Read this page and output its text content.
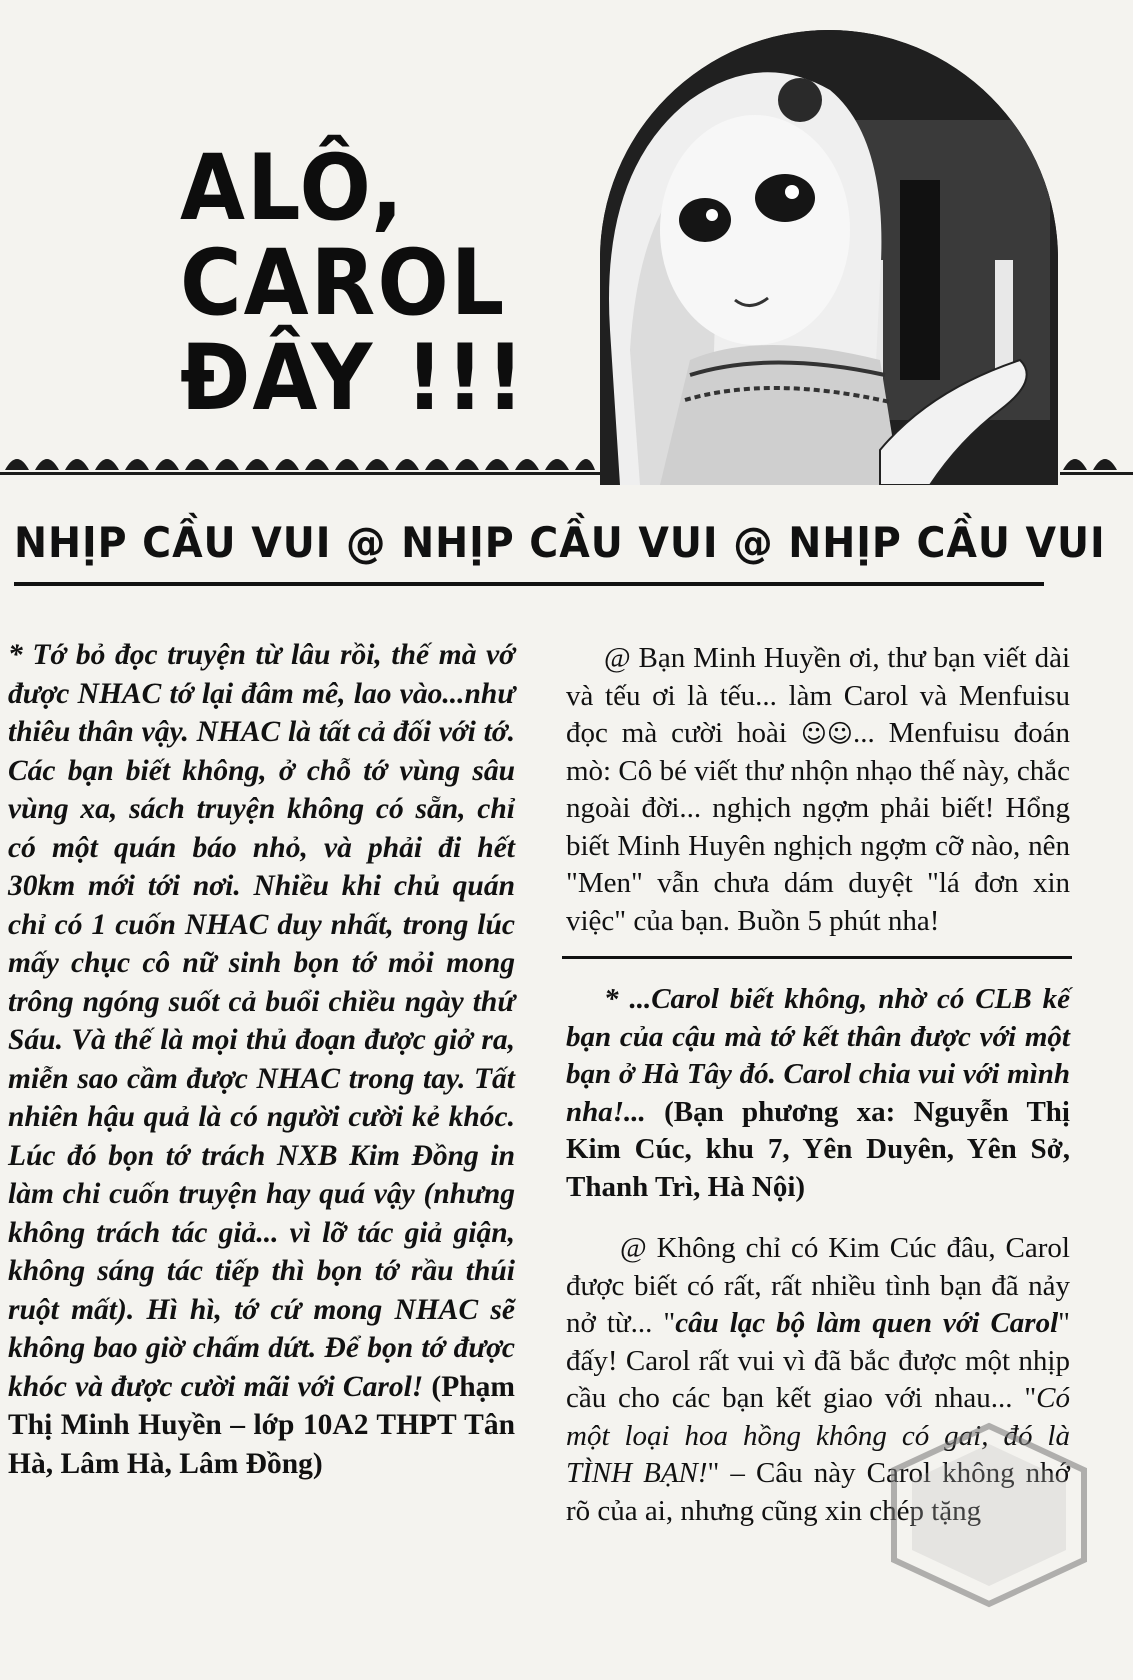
ALÔ,
CAROL
ĐÂY !!!
NHỊP CẦU VUI @ NHỊP CẦU VUI @ NHỊP CẦU VUI
* Tớ bỏ đọc truyện từ lâu rồi, thế mà vớ được NHAC tớ lại đâm mê, lao vào...như thiêu thân vậy. NHAC là tất cả đối với tớ. Các bạn biết không, ở chỗ tớ vùng sâu vùng xa, sách truyện không có sẵn, chỉ có một quán báo nhỏ, và phải đi hết 30km mới tới nơi. Nhiều khi chủ quán chỉ có 1 cuốn NHAC duy nhất, trong lúc mấy chục cô nữ sinh bọn tớ mỏi mong trông ngóng suốt cả buổi chiều ngày thứ Sáu. Và thế là mọi thủ đoạn được giở ra, miễn sao cầm được NHAC trong tay. Tất nhiên hậu quả là có người cười kẻ khóc. Lúc đó bọn tớ trách NXB Kim Đồng in làm chi cuốn truyện hay quá vậy (nhưng không trách tác giả... vì lỡ tác giả giận, không sáng tác tiếp thì bọn tớ rầu thúi ruột mất). Hì hì, tớ cứ mong NHAC sẽ không bao giờ chấm dứt. Để bọn tớ được khóc và được cười mãi với Carol! (Phạm Thị Minh Huyền – lớp 10A2 THPT Tân Hà, Lâm Hà, Lâm Đồng)

@ Bạn Minh Huyền ơi, thư bạn viết dài và tếu ơi là tếu... làm Carol và Menfuisu đọc mà cười hoài ☺☺... Menfuisu đoán mò: Cô bé viết thư nhộn nhạo thế này, chắc ngoài đời... nghịch ngợm phải biết! Hổng biết Minh Huyên nghịch ngợm cỡ nào, nên "Men" vẫn chưa dám duyệt "lá đơn xin việc" của bạn. Buồn 5 phút nha!

* ...Carol biết không, nhờ có CLB kế bạn của cậu mà tớ kết thân được với một bạn ở Hà Tây đó. Carol chia vui với mình nha!... (Bạn phương xa: Nguyễn Thị Kim Cúc, khu 7, Yên Duyên, Yên Sở, Thanh Trì, Hà Nội)

@ Không chỉ có Kim Cúc đâu, Carol được biết có rất, rất nhiều tình bạn đã nảy nở từ... "câu lạc bộ làm quen với Carol" đấy! Carol rất vui vì đã bắc được một nhịp cầu cho các bạn kết giao với nhau... "Có một loại hoa hồng không có gai, đó là TÌNH BẠN!" – Câu này Carol không nhớ rõ của ai, nhưng cũng xin chép tặng
